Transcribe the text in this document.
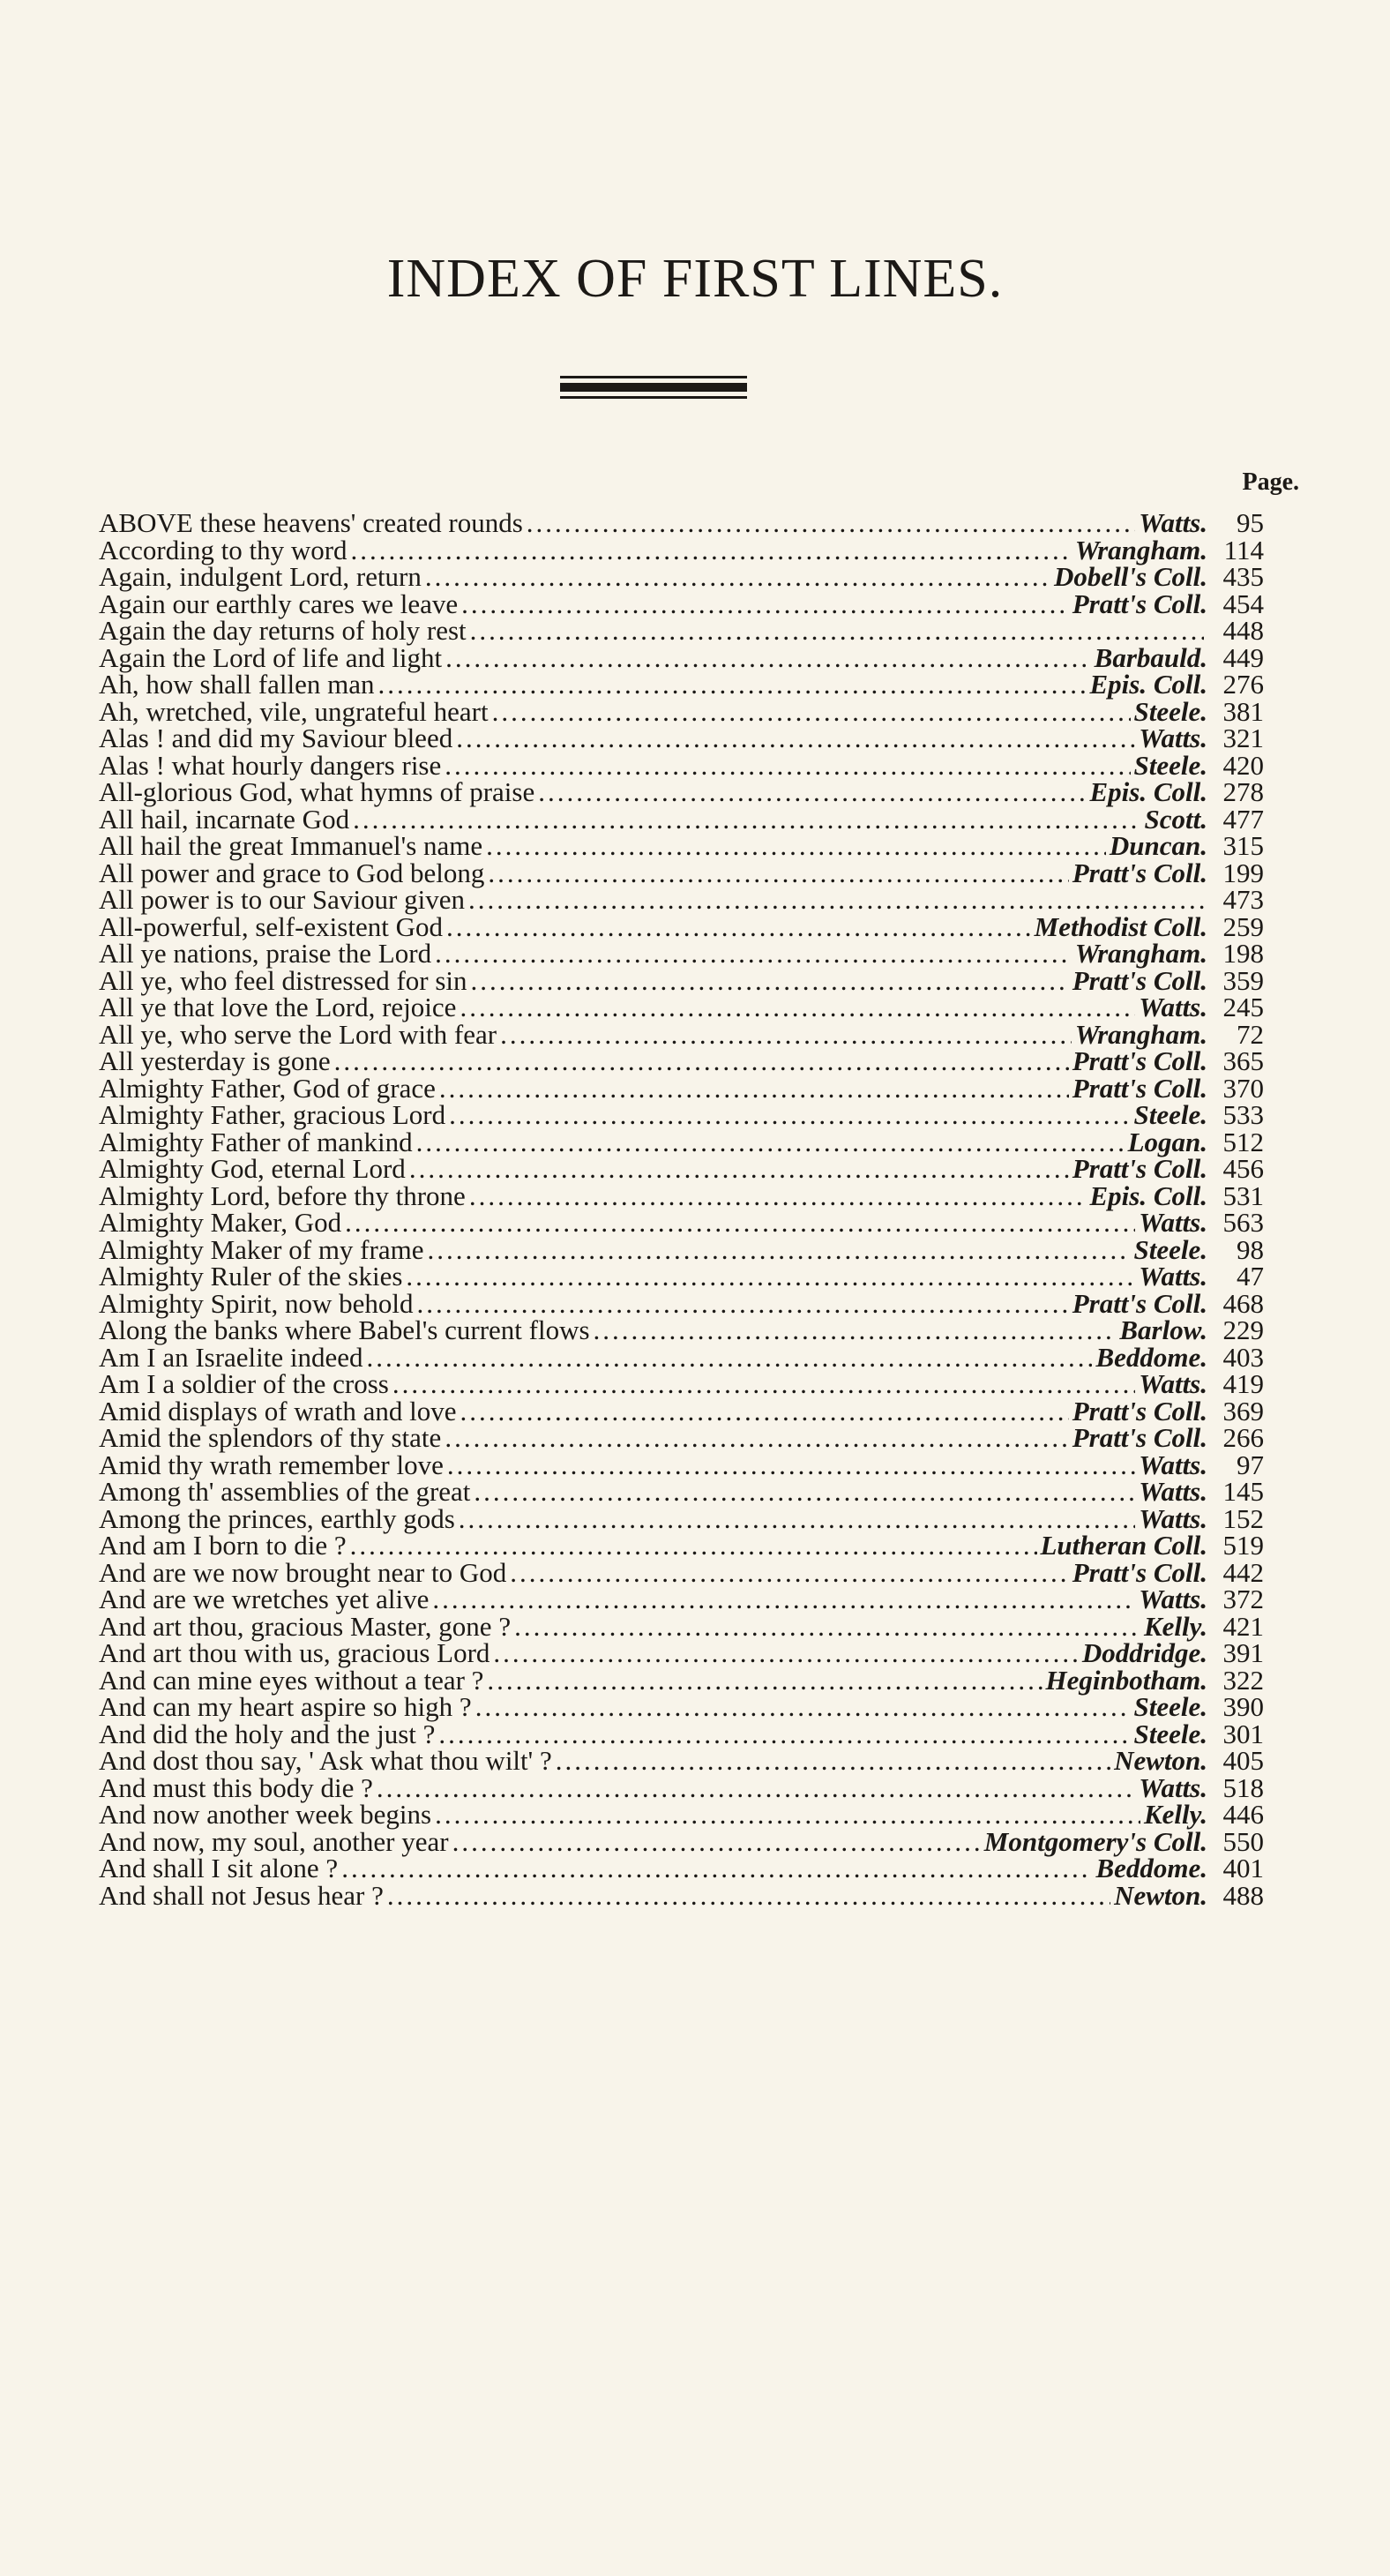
INDEX OF FIRST LINES.
Page.
ABOVE these heavens' created rounds .....	Watts.	95
According to thy word .....	Wrangham. 114
Again, indulgent Lord, return .....	Dobell's Coll. 435
Again our earthly cares we leave .....	Pratt's Coll. 454
Again the day returns of holy rest .....	448
Again the Lord of life and light .....	Barbauld. 449
Ah, how shall fallen man .....	Epis. Coll. 276
Ah, wretched, vile, ungrateful heart .....	Steele. 381
Alas ! and did my Saviour bleed .....	Watts. 321
Alas ! what hourly dangers rise .....	Steele. 420
All-glorious God, what hymns of praise .....	Epis. Coll. 278
All hail, incarnate God .....	Scott. 477
All hail the great Immanuel's name .....	Duncan. 315
All power and grace to God belong .....	Pratt's Coll. 199
All power is to our Saviour given .....	473
All-powerful, self-existent God .....	Methodist Coll. 259
All ye nations, praise the Lord .....	Wrangham. 198
All ye, who feel distressed for sin .....	Pratt's Coll. 359
All ye that love the Lord, rejoice .....	Watts. 245
All ye, who serve the Lord with fear .....	Wrangham.	72
All yesterday is gone .....	Pratt's Coll. 365
Almighty Father, God of grace .....	Pratt's Coll. 370
Almighty Father, gracious Lord .....	Steele. 533
Almighty Father of mankind .....	Logan. 512
Almighty God, eternal Lord .....	Pratt's Coll. 456
Almighty Lord, before thy throne .....	Epis. Coll. 531
Almighty Maker, God .....	Watts. 563
Almighty Maker of my frame .....	Steele.	98
Almighty Ruler of the skies .....	Watts.	47
Almighty Spirit, now behold .....	Pratt's Coll. 468
Along the banks where Babel's current flows .....	Barlow. 229
Am I an Israelite indeed .....	Beddome. 403
Am I a soldier of the cross .....	Watts. 419
Amid displays of wrath and love .....	Pratt's Coll. 369
Amid the splendors of thy state .....	Pratt's Coll. 266
Amid thy wrath remember love .....	Watts.	97
Among th' assemblies of the great .....	Watts. 145
Among the princes, earthly gods .....	Watts. 152
And am I born to die ? .....	Lutheran Coll. 519
And are we now brought near to God .....	Pratt's Coll. 442
And are we wretches yet alive .....	Watts. 372
And art thou, gracious Master, gone ? .....	Kelly. 421
And art thou with us, gracious Lord .....	Doddridge. 391
And can mine eyes without a tear ? .....	Heginbotham. 322
And can my heart aspire so high ? .....	Steele. 390
And did the holy and the just ? .....	Steele. 301
And dost thou say, ' Ask what thou wilt' ? .....	Newton. 405
And must this body die ? .....	Watts. 518
And now another week begins .....	Kelly. 446
And now, my soul, another year .....	Montgomery's Coll. 550
And shall I sit alone ? .....	Beddome. 401
And shall not Jesus hear ? .....	Newton. 488
